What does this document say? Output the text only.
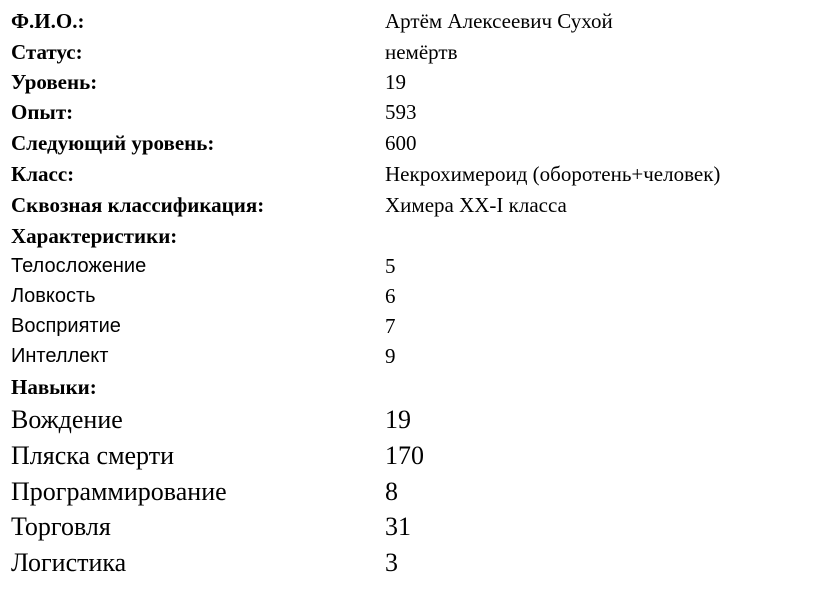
Ф.И.О.:	Артём Алексеевич Сухой
Статус:	немёртв
Уровень:	19
Опыт:	593
Следующий уровень:	600
Класс:	Некрохимероид (оборотень+человек)
Сквозная классификация:	Химера XX-I класса
Характеристики:
Телосложение	5
Ловкость	6
Восприятие	7
Интеллект	9
Навыки:
Вождение	19
Пляска смерти	170
Программирование	8
Торговля	31
Логистика	3
